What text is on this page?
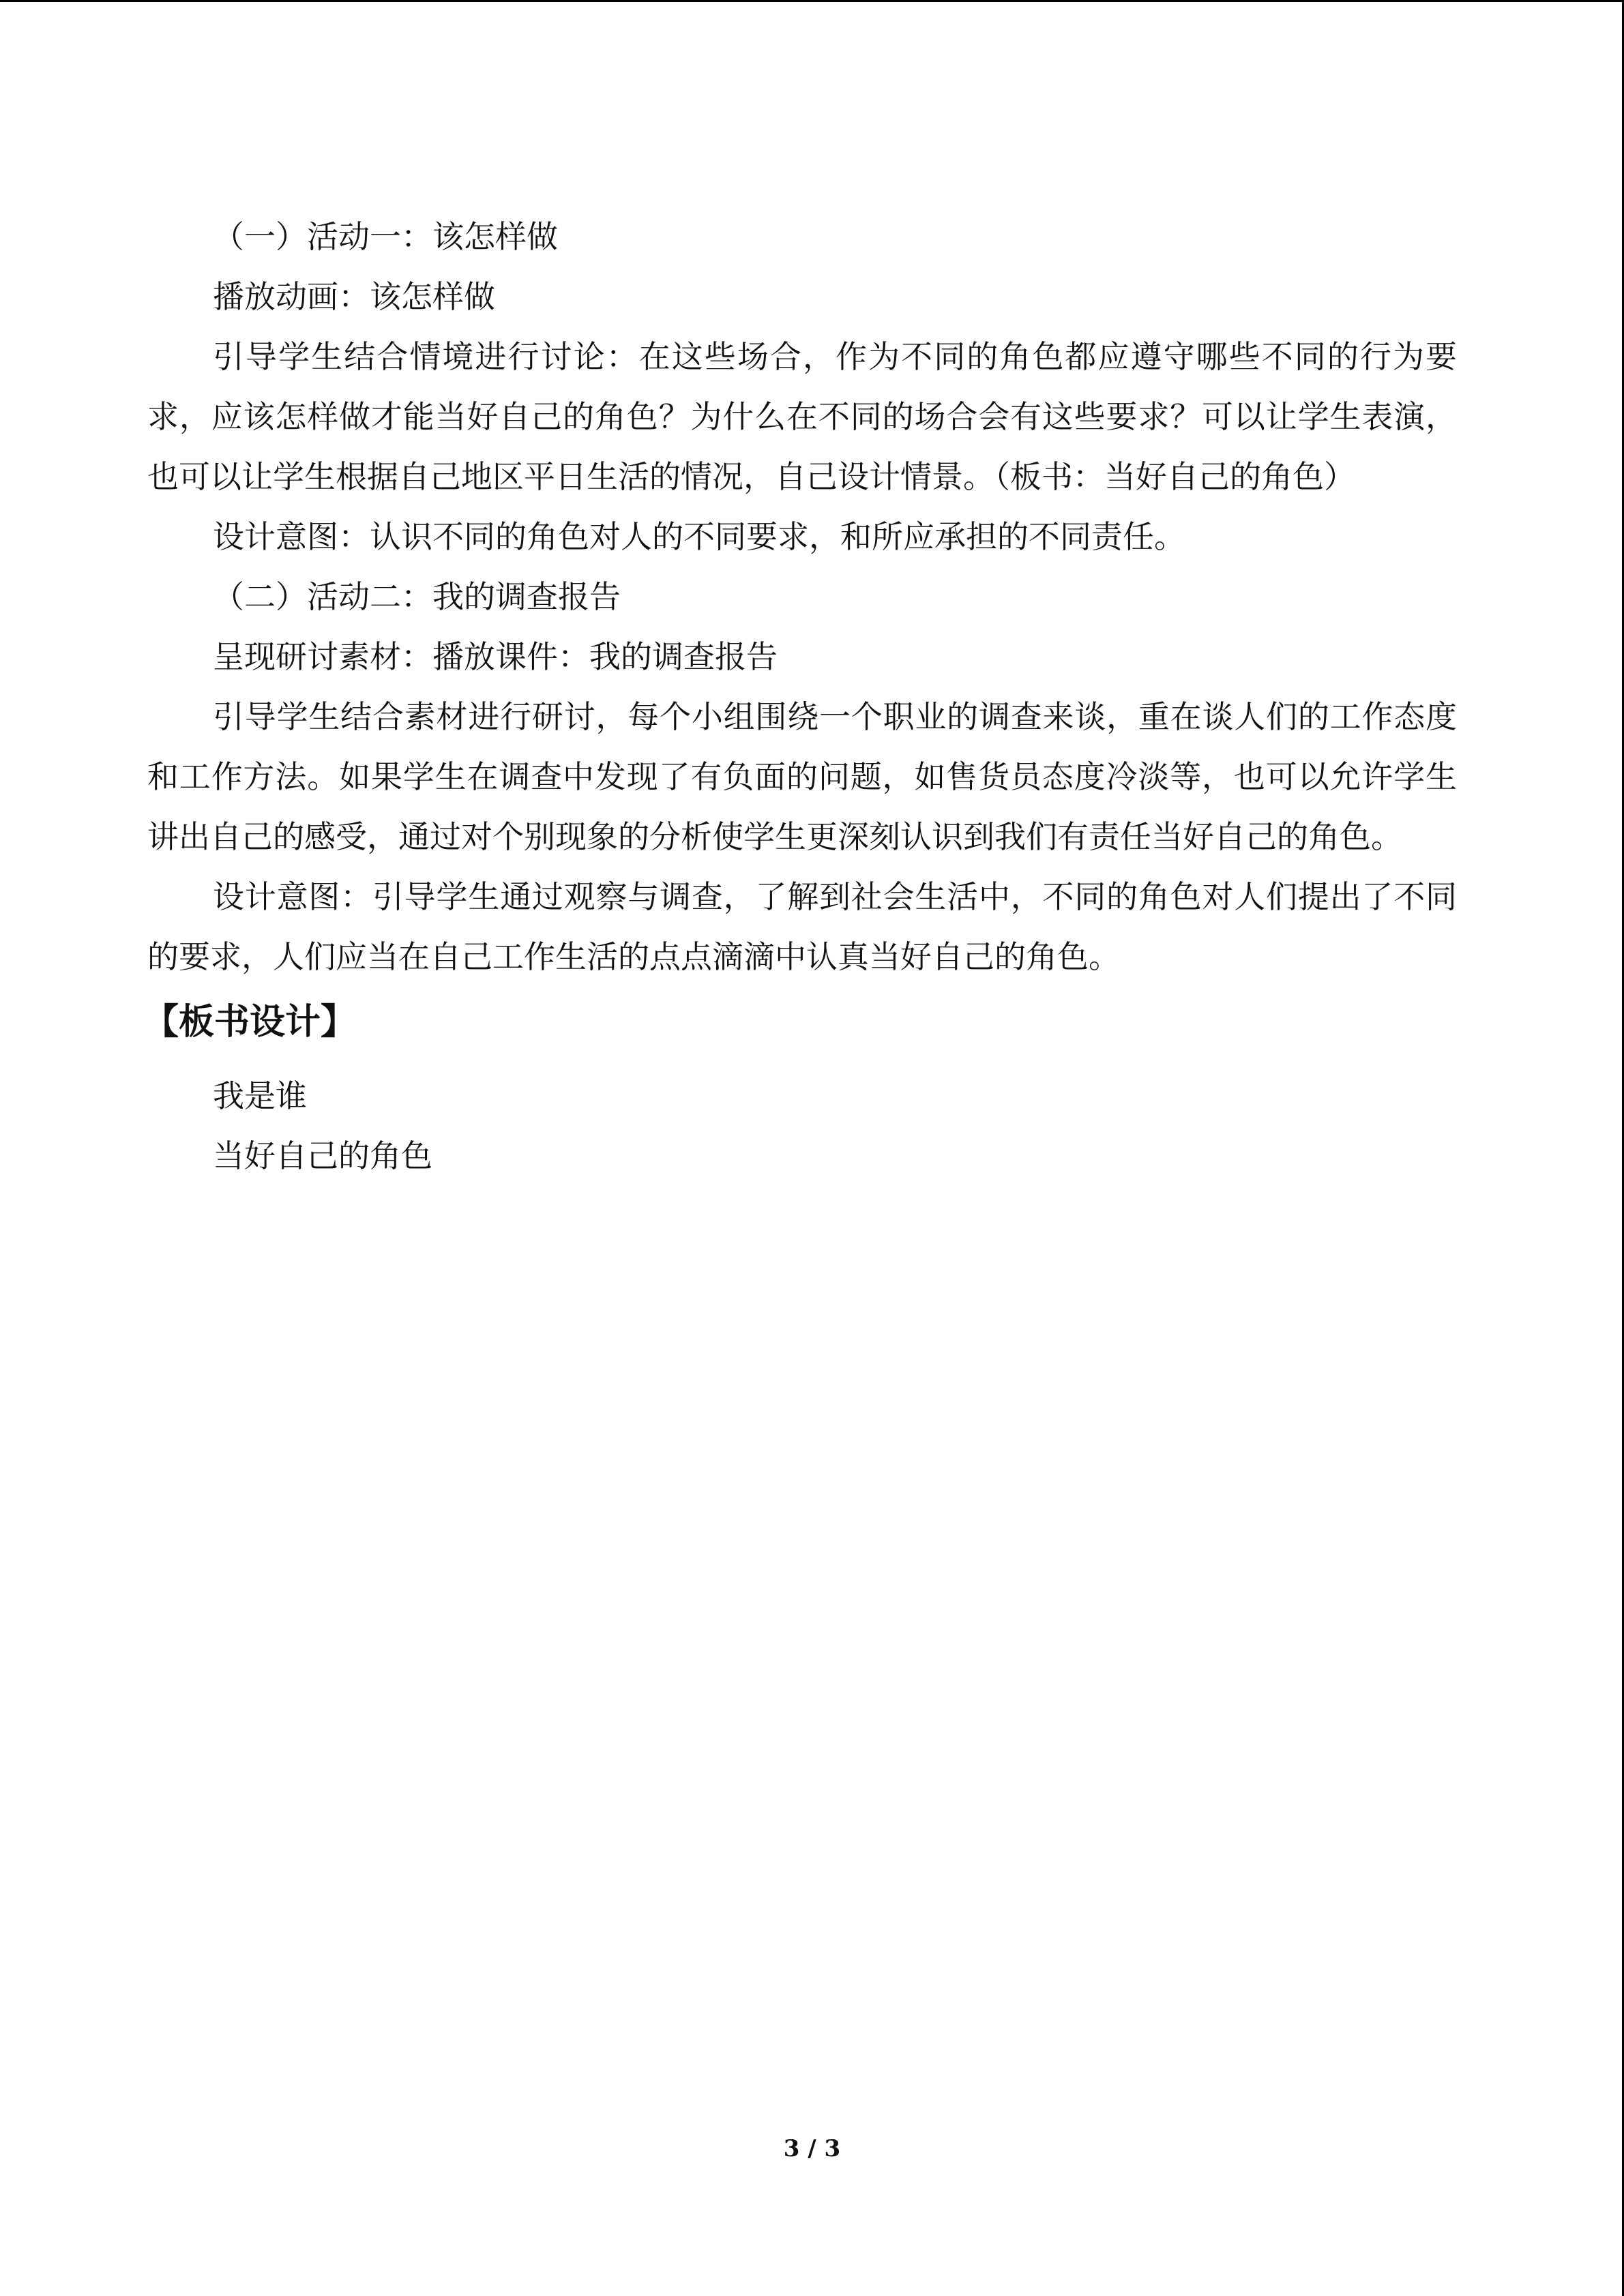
（一）活动一：该怎样做

播放动画：该怎样做

引导学生结合情境进行讨论：在这些场合，作为不同的角色都应遵守哪些不同的行为要求，应该怎样做才能当好自己的角色？为什么在不同的场合会有这些要求？可以让学生表演，也可以让学生根据自己地区平日生活的情况，自己设计情景。（板书：当好自己的角色）

设计意图：认识不同的角色对人的不同要求，和所应承担的不同责任。

（二）活动二：我的调查报告

呈现研讨素材：播放课件：我的调查报告

引导学生结合素材进行研讨，每个小组围绕一个职业的调查来谈，重在谈人们的工作态度和工作方法。如果学生在调查中发现了有负面的问题，如售货员态度冷淡等，也可以允许学生讲出自己的感受，通过对个别现象的分析使学生更深刻认识到我们有责任当好自己的角色。

设计意图：引导学生通过观察与调查，了解到社会生活中，不同的角色对人们提出了不同的要求，人们应当在自己工作生活的点点滴滴中认真当好自己的角色。

【板书设计】

我是谁

当好自己的角色

3 / 3
